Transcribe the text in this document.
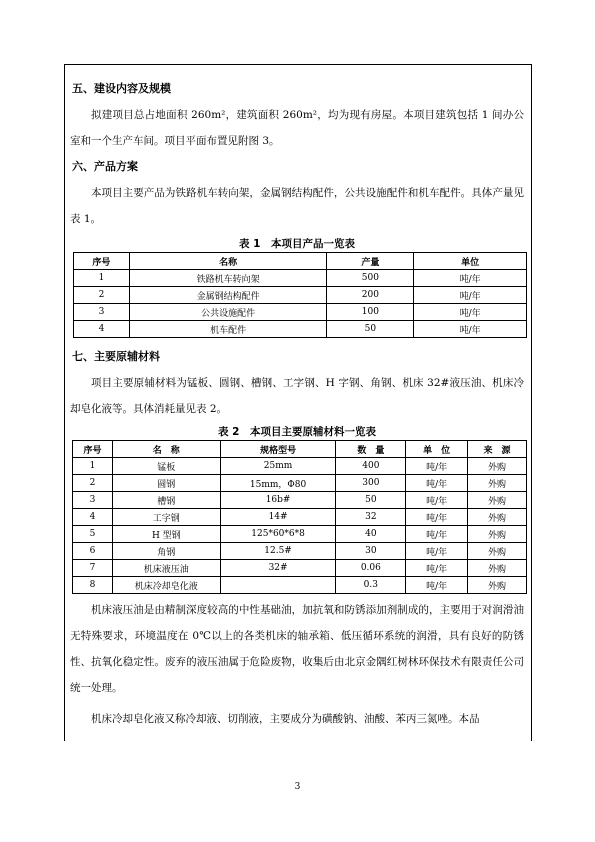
五、建设内容及规模

拟建项目总占地面积 260m²，建筑面积 260m²，均为现有房屋。本项目建筑包括 1 间办公室和一个生产车间。项目平面布置见附图 3。

六、产品方案

本项目主要产品为铁路机车转向架，金属钢结构配件，公共设施配件和机车配件。具体产量见表 1。

表 1　本项目产品一览表
序号	名称	产量	单位
1	铁路机车转向架	500	吨/年
2	金属钢结构配件	200	吨/年
3	公共设施配件	100	吨/年
4	机车配件	50	吨/年
七、主要原辅材料

项目主要原辅材料为锰板、圆钢、槽钢、工字钢、H 字钢、角钢、机床 32#液压油、机床冷却皂化液等。具体消耗量见表 2。

表 2　本项目主要原辅材料一览表
序号	名　称	规格型号	数　量	单　位	来　源
1	锰板	25mm	400	吨/年	外购
2	圆钢	15mm，Φ80	300	吨/年	外购
3	槽钢	16b#	50	吨/年	外购
4	工字钢	14#	32	吨/年	外购
5	H 型钢	125*60*6*8	40	吨/年	外购
6	角钢	12.5#	30	吨/年	外购
7	机床液压油	32#	0.06	吨/年	外购
8	机床冷却皂化液		0.3	吨/年	外购

机床液压油是由精制深度较高的中性基础油，加抗氧和防锈添加剂制成的，主要用于对润滑油无特殊要求，环境温度在 0℃以上的各类机床的轴承箱、低压循环系统的润滑，具有良好的防锈性、抗氧化稳定性。废弃的液压油属于危险废物，收集后由北京金隅红树林环保技术有限责任公司统一处理。

机床冷却皂化液又称冷却液、切削液，主要成分为磺酸钠、油酸、苯丙三氮唑。本品

3
